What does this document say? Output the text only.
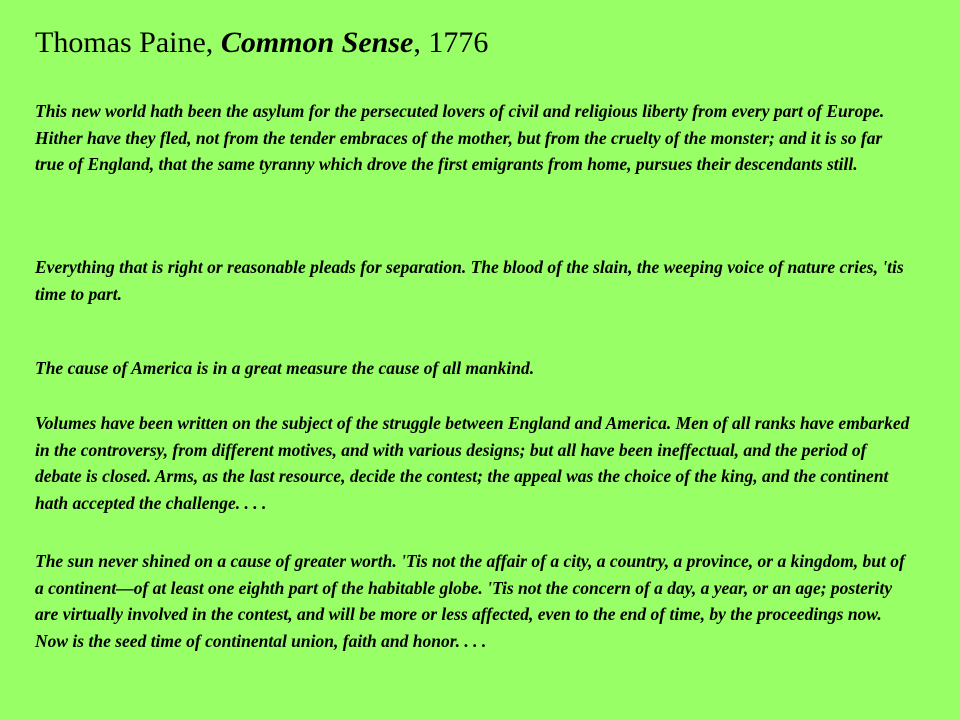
Thomas Paine, Common Sense, 1776

This new world hath been the asylum for the persecuted lovers of civil and religious liberty from every part of Europe. Hither have they fled, not from the tender embraces of the mother, but from the cruelty of the monster; and it is so far true of England, that the same tyranny which drove the first emigrants from home, pursues their descendants still.

Everything that is right or reasonable pleads for separation. The blood of the slain, the weeping voice of nature cries, 'tis time to part.

The cause of America is in a great measure the cause of all mankind.

Volumes have been written on the subject of the struggle between England and America. Men of all ranks have embarked in the controversy, from different motives, and with various designs; but all have been ineffectual, and the period of debate is closed. Arms, as the last resource, decide the contest; the appeal was the choice of the king, and the continent hath accepted the challenge. . . .

The sun never shined on a cause of greater worth. 'Tis not the affair of a city, a country, a province, or a kingdom, but of a continent—of at least one eighth part of the habitable globe. 'Tis not the concern of a day, a year, or an age; posterity are virtually involved in the contest, and will be more or less affected, even to the end of time, by the proceedings now. Now is the seed time of continental union, faith and honor. . . .
